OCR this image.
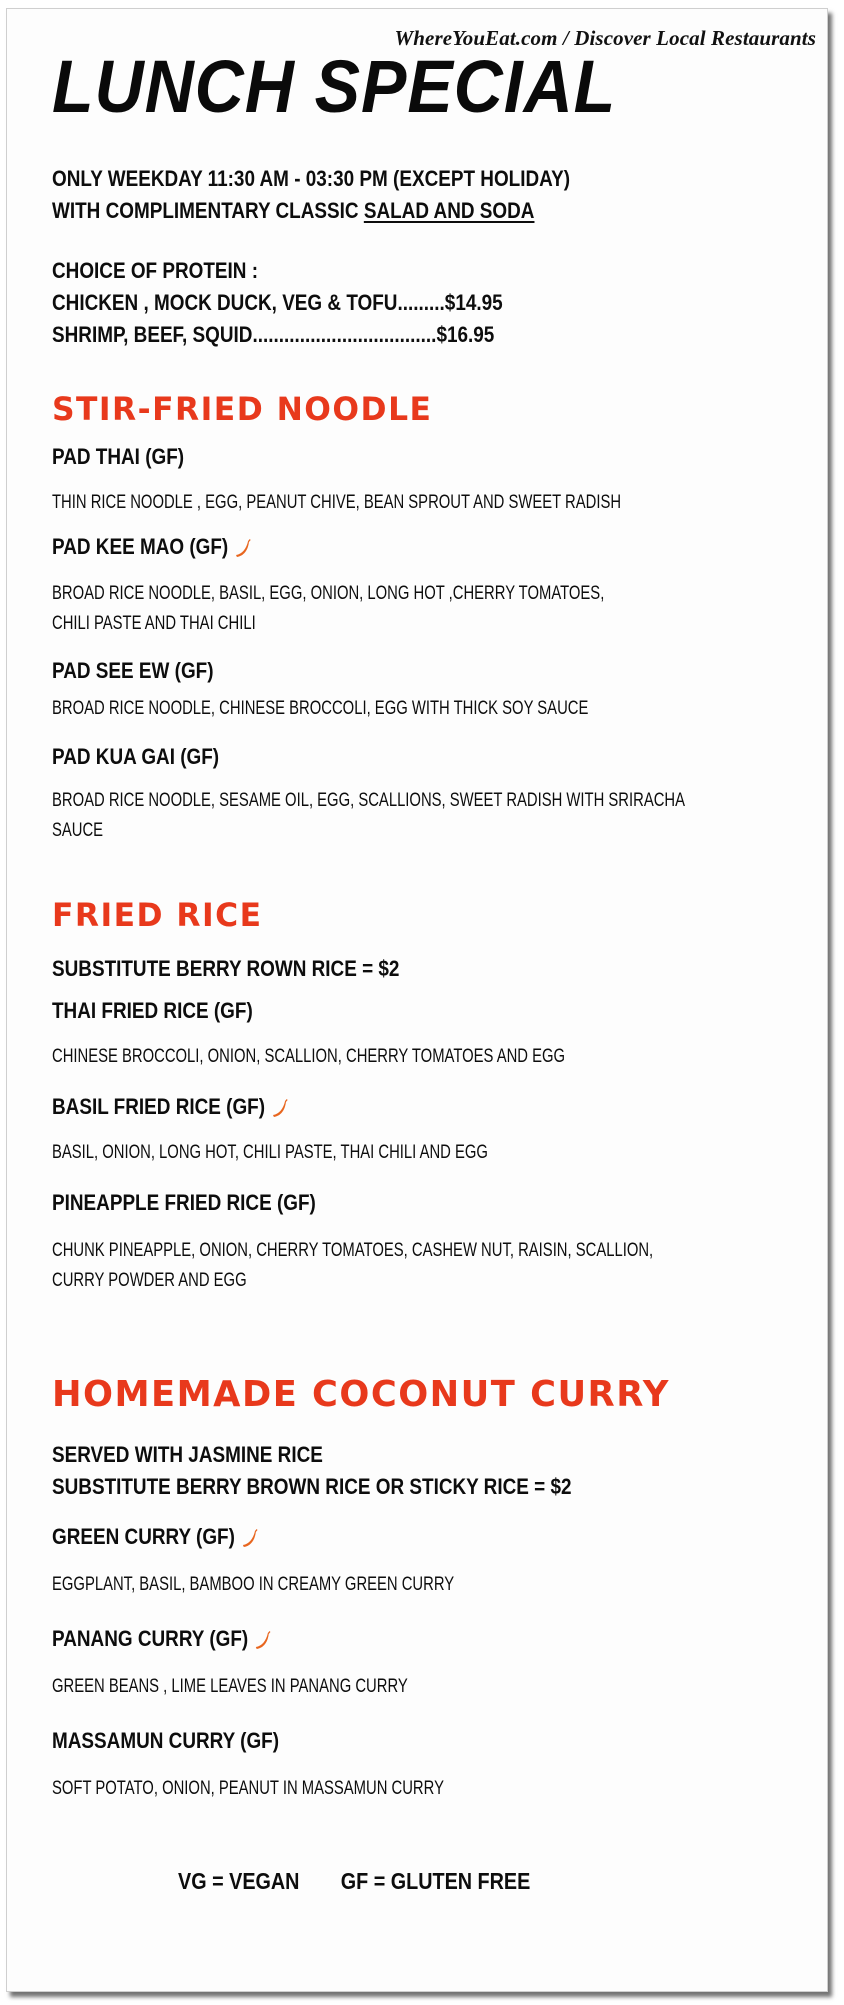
WhereYouEat.com / Discover Local Restaurants
LUNCH SPECIAL
ONLY WEEKDAY 11:30 AM - 03:30 PM (EXCEPT HOLIDAY)
WITH COMPLIMENTARY CLASSIC SALAD AND SODA
CHOICE OF PROTEIN :
CHICKEN , MOCK DUCK, VEG & TOFU ......... $14.95
SHRIMP, BEEF, SQUID ................................... $16.95
STIR-FRIED NOODLE
PAD THAI (GF)
THIN RICE NOODLE , EGG, PEANUT CHIVE, BEAN SPROUT AND SWEET RADISH
PAD KEE MAO (GF)
BROAD RICE NOODLE, BASIL, EGG, ONION, LONG HOT ,CHERRY TOMATOES,
CHILI PASTE AND THAI CHILI
PAD SEE EW (GF)
BROAD RICE NOODLE, CHINESE BROCCOLI, EGG WITH THICK SOY SAUCE
PAD KUA GAI (GF)
BROAD RICE NOODLE, SESAME OIL, EGG, SCALLIONS, SWEET RADISH WITH SRIRACHA
SAUCE
FRIED RICE
SUBSTITUTE BERRY ROWN RICE = $2
THAI FRIED RICE (GF)
CHINESE BROCCOLI, ONION, SCALLION, CHERRY TOMATOES AND EGG
BASIL FRIED RICE (GF)
BASIL, ONION, LONG HOT, CHILI PASTE, THAI CHILI AND EGG
PINEAPPLE FRIED RICE (GF)
CHUNK PINEAPPLE, ONION, CHERRY TOMATOES, CASHEW NUT, RAISIN, SCALLION,
CURRY POWDER AND EGG
HOMEMADE COCONUT CURRY
SERVED WITH JASMINE RICE
SUBSTITUTE BERRY BROWN RICE OR STICKY RICE = $2
GREEN CURRY (GF)
EGGPLANT, BASIL, BAMBOO IN CREAMY GREEN CURRY
PANANG CURRY (GF)
GREEN BEANS , LIME LEAVES IN PANANG CURRY
MASSAMUN CURRY (GF)
SOFT POTATO, ONION, PEANUT IN MASSAMUN CURRY
VG = VEGAN GF = GLUTEN FREE
